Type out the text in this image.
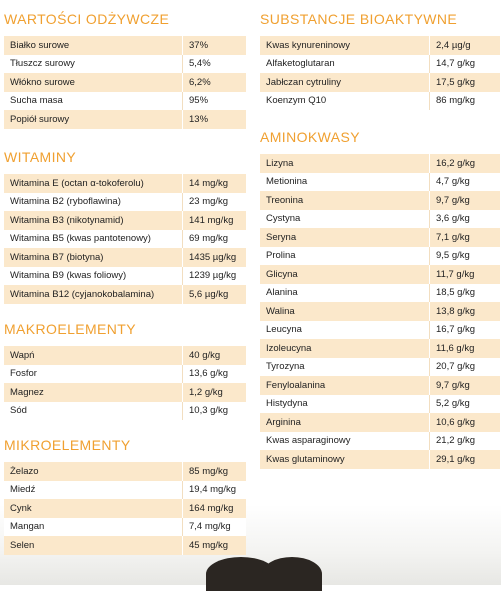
WARTOŚCI ODŻYWCZE
Białko surowe	37%
Tłuszcz surowy	5,4%
Włókno surowe	6,2%
Sucha masa	95%
Popiół surowy	13%
WITAMINY
Witamina E (octan α-tokoferolu)	14 mg/kg
Witamina B2 (ryboflawina)	23 mg/kg
Witamina B3 (nikotynamid)	141 mg/kg
Witamina B5 (kwas pantotenowy)	69 mg/kg
Witamina B7 (biotyna)	1435 µg/kg
Witamina B9 (kwas foliowy)	1239 µg/kg
Witamina B12 (cyjanokobalamina)	5,6 µg/kg
MAKROELEMENTY
Wapń	40 g/kg
Fosfor	13,6 g/kg
Magnez	1,2 g/kg
Sód	10,3 g/kg
MIKROELEMENTY
Żelazo	85 mg/kg
Miedź	19,4 mg/kg
Cynk	164 mg/kg
Mangan	7,4 mg/kg
Selen	45 mg/kg
SUBSTANCJE BIOAKTYWNE
Kwas kynureninowy	2,4 µg/g
Alfaketoglutaran	14,7 g/kg
Jabłczan cytruliny	17,5 g/kg
Koenzym Q10	86 mg/kg
AMINOKWASY
Lizyna	16,2 g/kg
Metionina	4,7 g/kg
Treonina	9,7 g/kg
Cystyna	3,6 g/kg
Seryna	7,1 g/kg
Prolina	9,5 g/kg
Glicyna	11,7 g/kg
Alanina	18,5 g/kg
Walina	13,8 g/kg
Leucyna	16,7 g/kg
Izoleucyna	11,6 g/kg
Tyrozyna	20,7 g/kg
Fenyloalanina	9,7 g/kg
Histydyna	5,2 g/kg
Arginina	10,6 g/kg
Kwas asparaginowy	21,2 g/kg
Kwas glutaminowy	29,1 g/kg
